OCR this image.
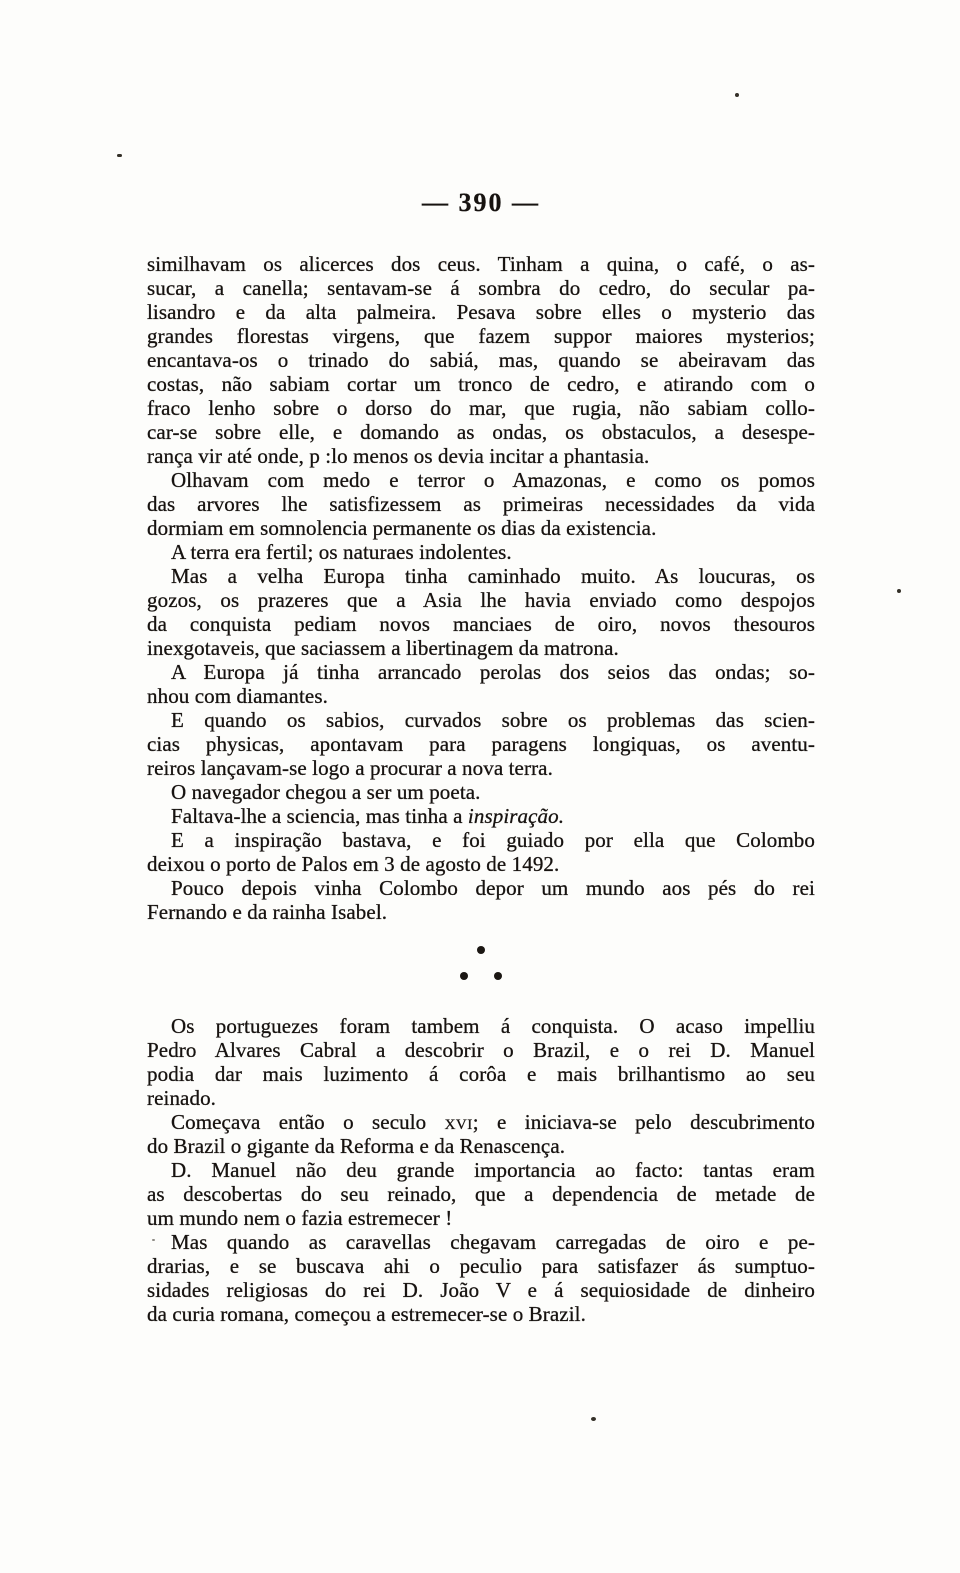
— 390 —

similhavam os alicerces dos ceus. Tinham a quina, o café, o as-
sucar, a canella; sentavam-se á sombra do cedro, do secular pa-
lisandro e da alta palmeira. Pesava sobre elles o mysterio das
grandes florestas virgens, que fazem suppor maiores mysterios;
encantava-os o trinado do sabiá, mas, quando se abeiravam das
costas, não sabiam cortar um tronco de cedro, e atirando com o
fraco lenho sobre o dorso do mar, que rugia, não sabiam collo-
car-se sobre elle, e domando as ondas, os obstaculos, a desespe-
rança vir até onde, p :lo menos os devia incitar a phantasia.

Olhavam com medo e terror o Amazonas, e como os pomos
das arvores lhe satisfizessem as primeiras necessidades da vida
dormiam em somnolencia permanente os dias da existencia.

A terra era fertil; os naturaes indolentes.

Mas a velha Europa tinha caminhado muito. As loucuras, os
gozos, os prazeres que a Asia lhe havia enviado como despojos
da conquista pediam novos manciaes de oiro, novos thesouros
inexgotaveis, que saciassem a libertinagem da matrona.

A Europa já tinha arrancado perolas dos seios das ondas; so-
nhou com diamantes.

E quando os sabios, curvados sobre os problemas das scien-
cias physicas, apontavam para paragens longiquas, os aventu-
reiros lançavam-se logo a procurar a nova terra.

O navegador chegou a ser um poeta.

Faltava-lhe a sciencia, mas tinha a inspiração.

E a inspiração bastava, e foi guiado por ella que Colombo
deixou o porto de Palos em 3 de agosto de 1492.

Pouco depois vinha Colombo depor um mundo aos pés do rei
Fernando e da rainha Isabel.

Os portuguezes foram tambem á conquista. O acaso impelliu
Pedro Alvares Cabral a descobrir o Brazil, e o rei D. Manuel
podia dar mais luzimento á corôa e mais brilhantismo ao seu
reinado.

Começava então o seculo xvi; e iniciava-se pelo descubrimento
do Brazil o gigante da Reforma e da Renascença.

D. Manuel não deu grande importancia ao facto: tantas eram
as descobertas do seu reinado, que a dependencia de metade de
um mundo nem o fazia estremecer !

Mas quando as caravellas chegavam carregadas de oiro e pe-
drarias, e se buscava ahi o peculio para satisfazer ás sumptuo-
sidades religiosas do rei D. João V e á sequiosidade de dinheiro
da curia romana, começou a estremecer-se o Brazil.
